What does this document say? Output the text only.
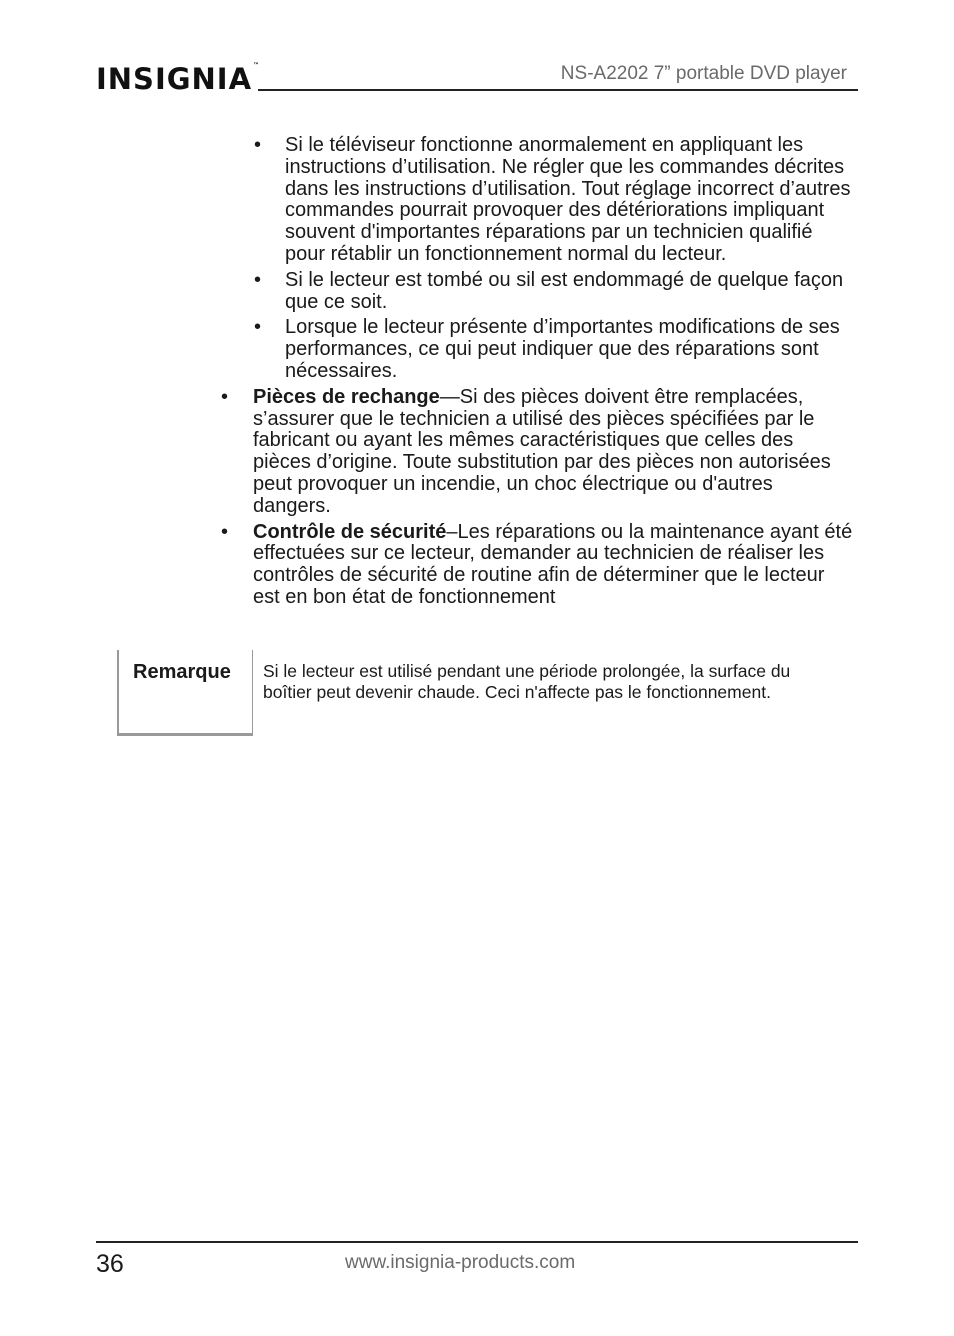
INSIGNIA™	NS-A2202 7” portable DVD player
• Si le téléviseur fonctionne anormalement en appliquant les instructions d’utilisation. Ne régler que les commandes décrites dans les instructions d’utilisation. Tout réglage incorrect d’autres commandes pourrait provoquer des détériorations impliquant souvent d'importantes réparations par un technicien qualifié pour rétablir un fonctionnement normal du lecteur.
• Si le lecteur est tombé ou sil est endommagé de quelque façon que ce soit.
• Lorsque le lecteur présente d’importantes modifications de ses performances, ce qui peut indiquer que des réparations sont nécessaires.
• Pièces de rechange—Si des pièces doivent être remplacées, s’assurer que le technicien a utilisé des pièces spécifiées par le fabricant ou ayant les mêmes caractéristiques que celles des pièces d’origine. Toute substitution par des pièces non autorisées peut provoquer un incendie, un choc électrique ou d'autres dangers.
• Contrôle de sécurité–Les réparations ou la maintenance ayant été effectuées sur ce lecteur, demander au technicien de réaliser les contrôles de sécurité de routine afin de déterminer que le lecteur est en bon état de fonctionnement
Remarque Si le lecteur est utilisé pendant une période prolongée, la surface du boîtier peut devenir chaude. Ceci n'affecte pas le fonctionnement.
36	www.insignia-products.com
